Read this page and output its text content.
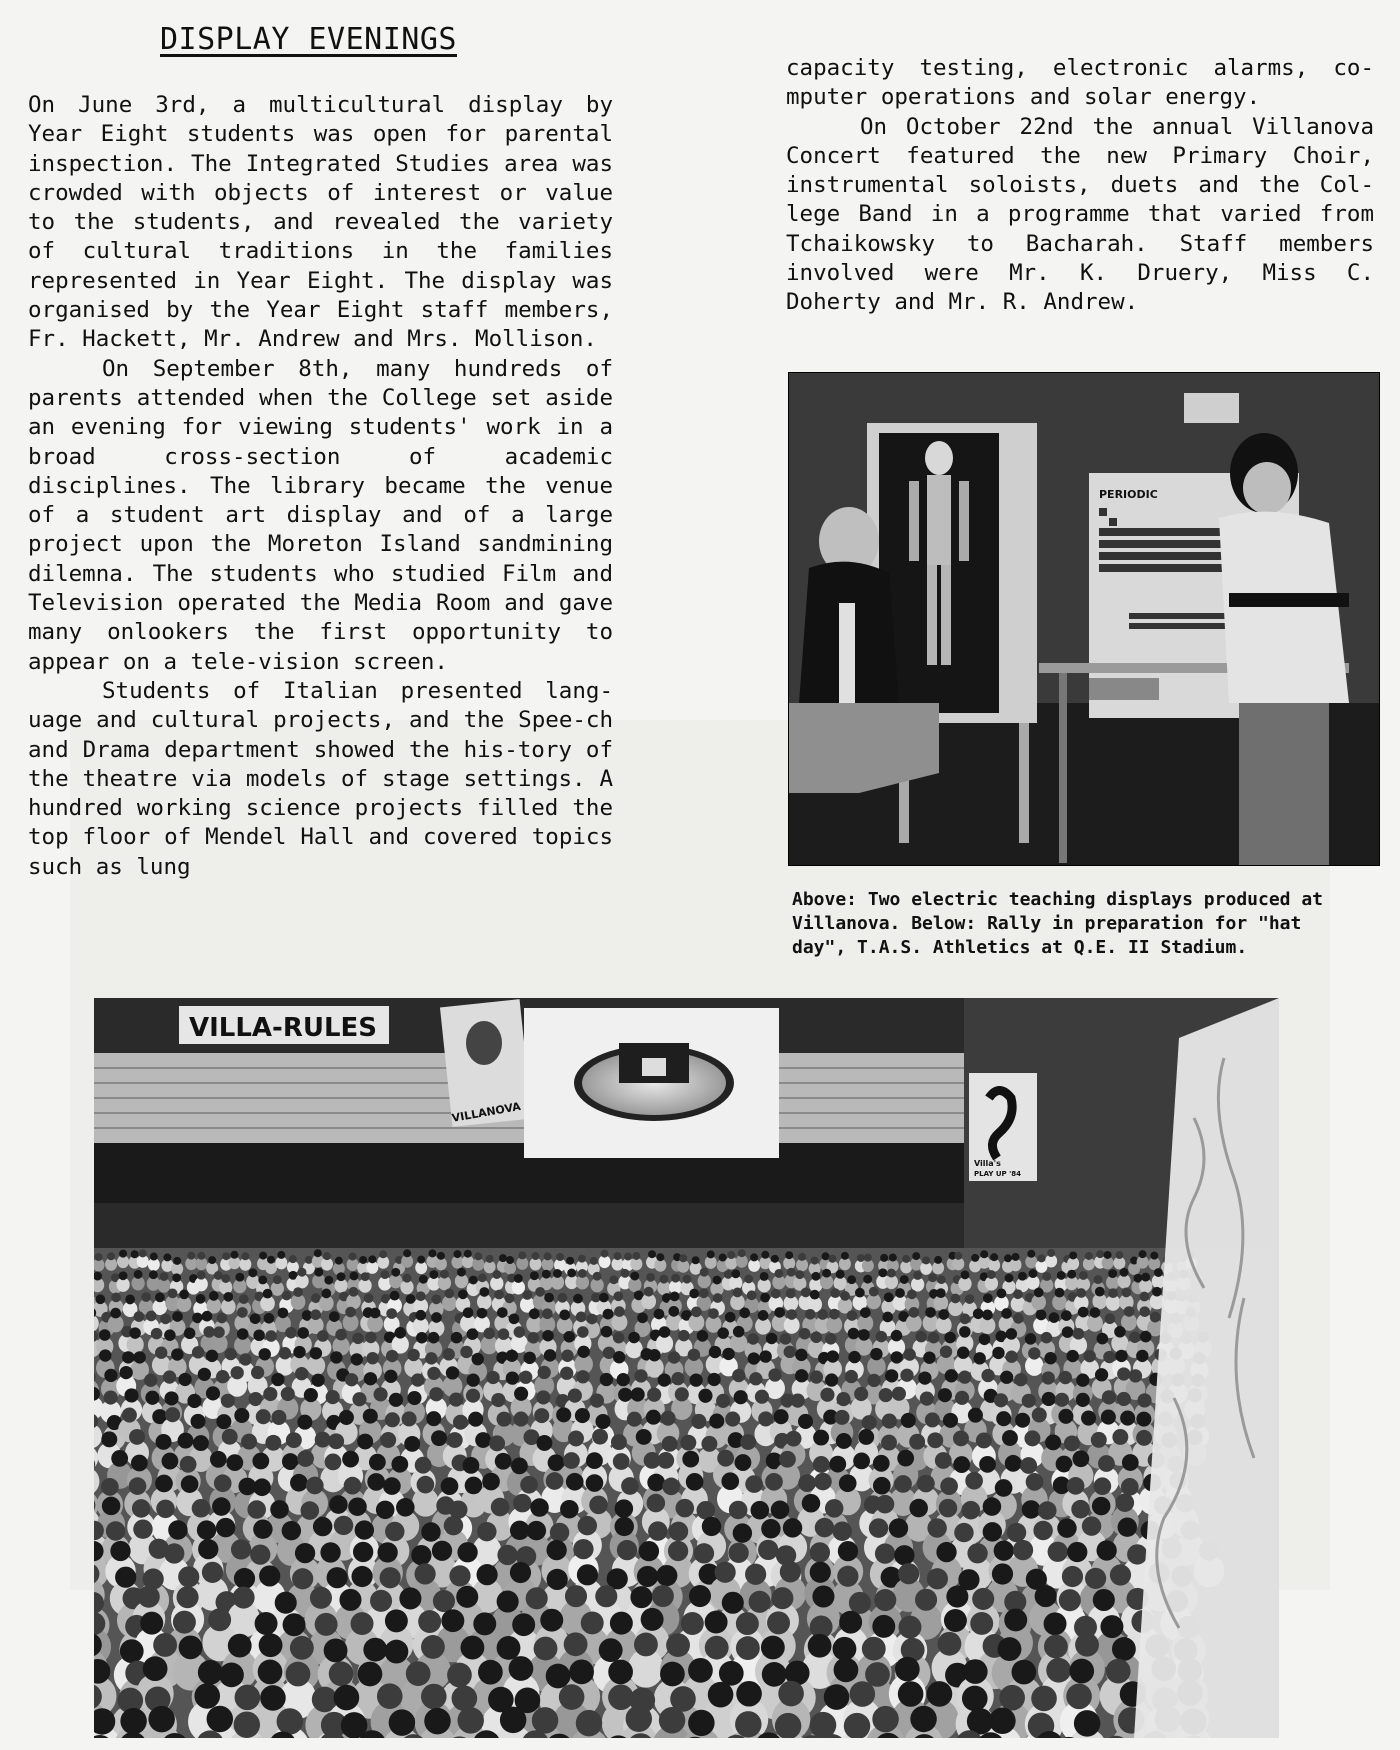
DISPLAY EVENINGS

On June 3rd, a multicultural display by Year Eight students was open for parental inspection. The Integrated Studies area was crowded with objects of interest or value to the students, and revealed the variety of cultural traditions in the families represented in Year Eight. The display was organised by the Year Eight staff members, Fr. Hackett, Mr. Andrew and Mrs. Mollison.

On September 8th, many hundreds of parents attended when the College set aside an evening for viewing students' work in a broad cross-section of academic disciplines. The library became the venue of a student art display and of a large project upon the Moreton Island sandmining dilemna. The students who studied Film and Television operated the Media Room and gave many onlookers the first opportunity to appear on a tele-vision screen.

Students of Italian presented lang-uage and cultural projects, and the Spee-ch and Drama department showed the his-tory of the theatre via models of stage settings. A hundred working science projects filled the top floor of Mendel Hall and covered topics such as lung

capacity testing, electronic alarms, co-mputer operations and solar energy.

On October 22nd the annual Villanova Concert featured the new Primary Choir, instrumental soloists, duets and the Col-lege Band in a programme that varied from Tchaikowsky to Bacharah. Staff members involved were Mr. K. Druery, Miss C. Doherty and Mr. R. Andrew.

PERIODIC

Above: Two electric teaching displays produced at
Villanova. Below: Rally in preparation for "hat
day", T.A.S. Athletics at Q.E. II Stadium.

VILLA-RULES
VILLANOVA
Villa's
PLAY UP '84
